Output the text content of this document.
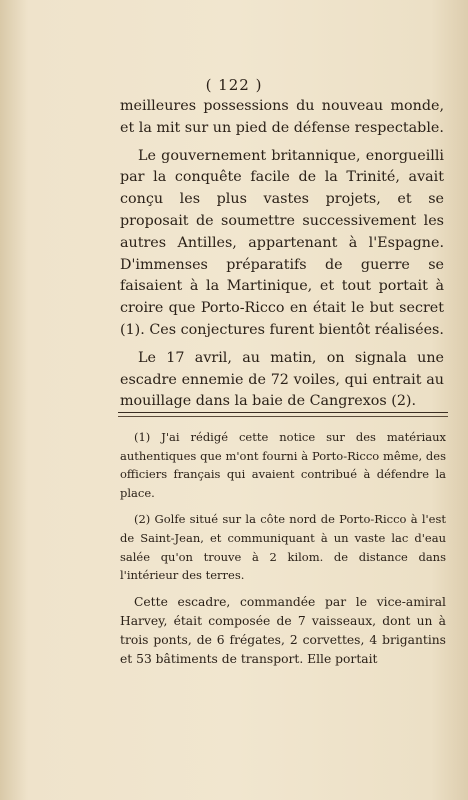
( 122 )

meilleures possessions du nouveau monde, et la mit sur un pied de défense respectable.

Le gouvernement britannique, enorgueilli par la conquête facile de la Trinité, avait conçu les plus vastes projets, et se proposait de soumettre successivement les autres Antilles, appartenant à l'Espagne. D'immenses préparatifs de guerre se faisaient à la Martinique, et tout portait à croire que Porto-Ricco en était le but secret (1). Ces conjectures furent bientôt réalisées.

Le 17 avril, au matin, on signala une escadre ennemie de 72 voiles, qui entrait au mouillage dans la baie de Cangrexos (2).

(1) J'ai rédigé cette notice sur des matériaux authentiques que m'ont fourni à Porto-Ricco même, des officiers français qui avaient contribué à défendre la place.

(2) Golfe situé sur la côte nord de Porto-Ricco à l'est de Saint-Jean, et communiquant à un vaste lac d'eau salée qu'on trouve à 2 kilom. de distance dans l'intérieur des terres.

Cette escadre, commandée par le vice-amiral Harvey, était composée de 7 vaisseaux, dont un à trois ponts, de 6 frégates, 2 corvettes, 4 brigantins et 53 bâtiments de transport. Elle portait
